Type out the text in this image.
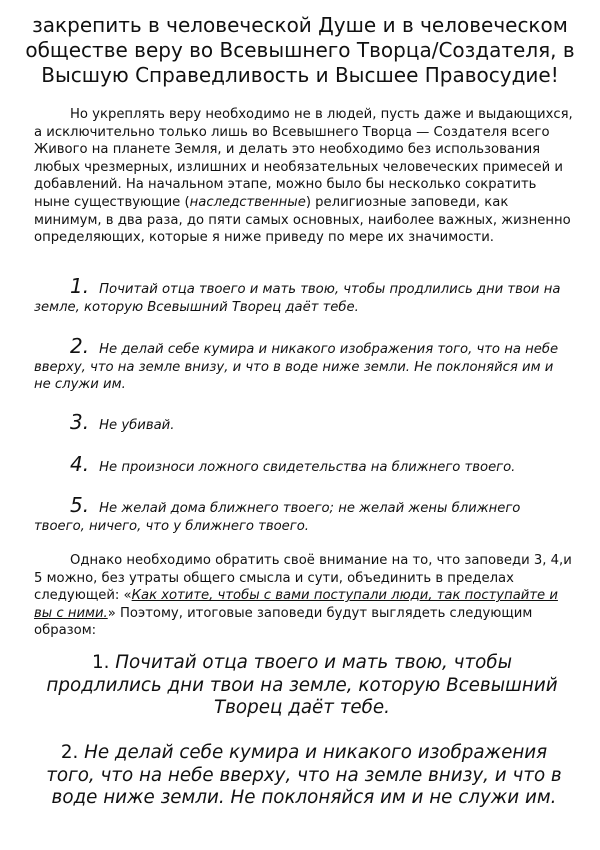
закрепить в человеческой Душе и в человеческом обществе веру во Всевышнего Творца/Создателя, в Высшую Справедливость и Высшее Правосудие!

Но укреплять веру необходимо не в людей, пусть даже и выдающихся, а исключительно только лишь во Всевышнего Творца — Создателя всего Живого на планете Земля, и делать это необходимо без использования любых чрезмерных, излишних и необязательных человеческих примесей и добавлений. На начальном этапе, можно было бы несколько сократить ныне существующие (наследственные) религиозные заповеди, как минимум, в два раза, до пяти самых основных, наиболее важных, жизненно определяющих, которые я ниже приведу по мере их значимости.

1. Почитай отца твоего и мать твою, чтобы продлились дни твои на земле, которую Всевышний Творец даёт тебе.

2. Не делай себе кумира и никакого изображения того, что на небе вверху, что на земле внизу, и что в воде ниже земли. Не поклоняйся им и не служи им.

3. Не убивай.

4. Не произноси ложного свидетельства на ближнего твоего.

5. Не желай дома ближнего твоего; не желай жены ближнего твоего, ничего, что у ближнего твоего.

Однако необходимо обратить своё внимание на то, что заповеди 3, 4,и 5 можно, без утраты общего смысла и сути, объединить в пределах следующей: «Как хотите, чтобы с вами поступали люди, так поступайте и вы с ними.» Поэтому, итоговые заповеди будут выглядеть следующим образом:

1. Почитай отца твоего и мать твою, чтобы продлились дни твои на земле, которую Всевышний Творец даёт тебе.

2. Не делай себе кумира и никакого изображения того, что на небе вверху, что на земле внизу, и что в воде ниже земли. Не поклоняйся им и не служи им.
